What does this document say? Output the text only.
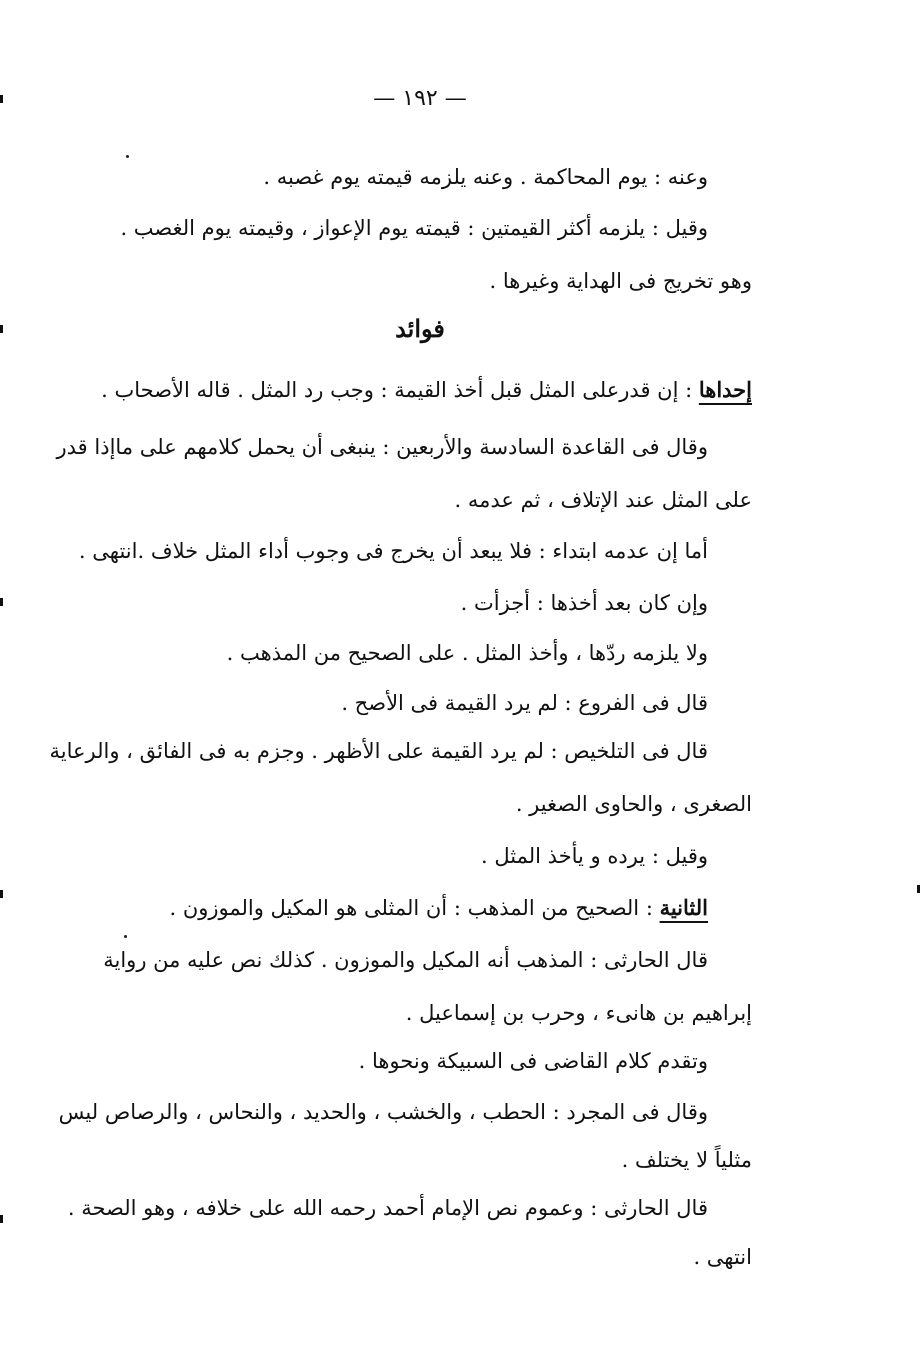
— ١٩٢ —
وعنه : يوم المحاكمة . وعنه يلزمه قيمته يوم غصبه .
وقيل : يلزمه أكثر القيمتين : قيمته يوم الإعواز ، وقيمته يوم الغصب .
وهو تخريج فى الهداية وغيرها .
فوائد
إحداها : إن قدرعلى المثل قبل أخذ القيمة : وجب رد المثل . قاله الأصحاب .
وقال فى القاعدة السادسة والأربعين : ينبغى أن يحمل كلامهم على ماإذا قدر
على المثل عند الإتلاف ، ثم عدمه .
أما إن عدمه ابتداء : فلا يبعد أن يخرج فى وجوب أداء المثل خلاف .انتهى .
وإن كان بعد أخذها : أجزأت .
ولا يلزمه ردّها ، وأخذ المثل . على الصحيح من المذهب .
قال فى الفروع : لم يرد القيمة فى الأصح .
قال فى التلخيص : لم يرد القيمة على الأظهر . وجزم به فى الفائق ، والرعاية
الصغرى ، والحاوى الصغير .
وقيل : يرده و يأخذ المثل .
الثانية : الصحيح من المذهب : أن المثلى هو المكيل والموزون .
قال الحارثى : المذهب أنه المكيل والموزون . كذلك نص عليه من رواية
إبراهيم بن هانىء ، وحرب بن إسماعيل .
وتقدم كلام القاضى فى السبيكة ونحوها .
وقال فى المجرد : الحطب ، والخشب ، والحديد ، والنحاس ، والرصاص ليس
مثلياً لا يختلف .
قال الحارثى : وعموم نص الإمام أحمد رحمه الله على خلافه ، وهو الصحة .
انتهى .
